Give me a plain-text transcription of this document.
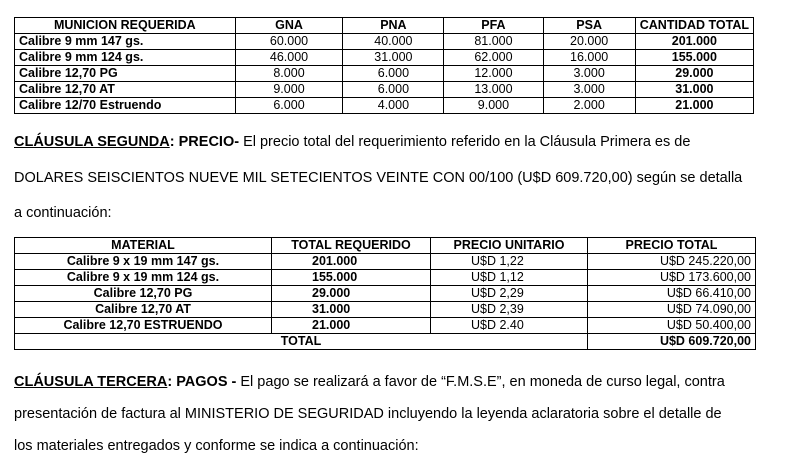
MUNICION REQUERIDA	GNA	PNA	PFA	PSA	CANTIDAD TOTAL
Calibre 9 mm 147 gs.	60.000	40.000	81.000	20.000	201.000
Calibre 9 mm 124 gs.	46.000	31.000	62.000	16.000	155.000
Calibre 12,70 PG	8.000	6.000	12.000	3.000	29.000
Calibre 12,70 AT	9.000	6.000	13.000	3.000	31.000
Calibre 12/70 Estruendo	6.000	4.000	9.000	2.000	21.000
CLÁUSULA SEGUNDA: PRECIO- El precio total del requerimiento referido en la Cláusula Primera es de
DOLARES SEISCIENTOS NUEVE MIL SETECIENTOS VEINTE CON 00/100 (U$D 609.720,00) según se detalla
a continuación:
MATERIAL	TOTAL REQUERIDO	PRECIO UNITARIO	PRECIO TOTAL
Calibre 9 x 19 mm 147 gs.	201.000	U$D 1,22	U$D 245.220,00
Calibre 9 x 19 mm 124 gs.	155.000	U$D 1,12	U$D 173.600,00
Calibre 12,70 PG	29.000	U$D 2,29	U$D 66.410,00
Calibre 12,70 AT	31.000	U$D 2,39	U$D 74.090,00
Calibre 12,70 ESTRUENDO	21.000	U$D 2.40	U$D 50.400,00
TOTAL			U$D 609.720,00
CLÁUSULA TERCERA: PAGOS - El pago se realizará a favor de “F.M.S.E”, en moneda de curso legal, contra
presentación de factura al MINISTERIO DE SEGURIDAD incluyendo la leyenda aclaratoria sobre el detalle de
los materiales entregados y conforme se indica a continuación:
